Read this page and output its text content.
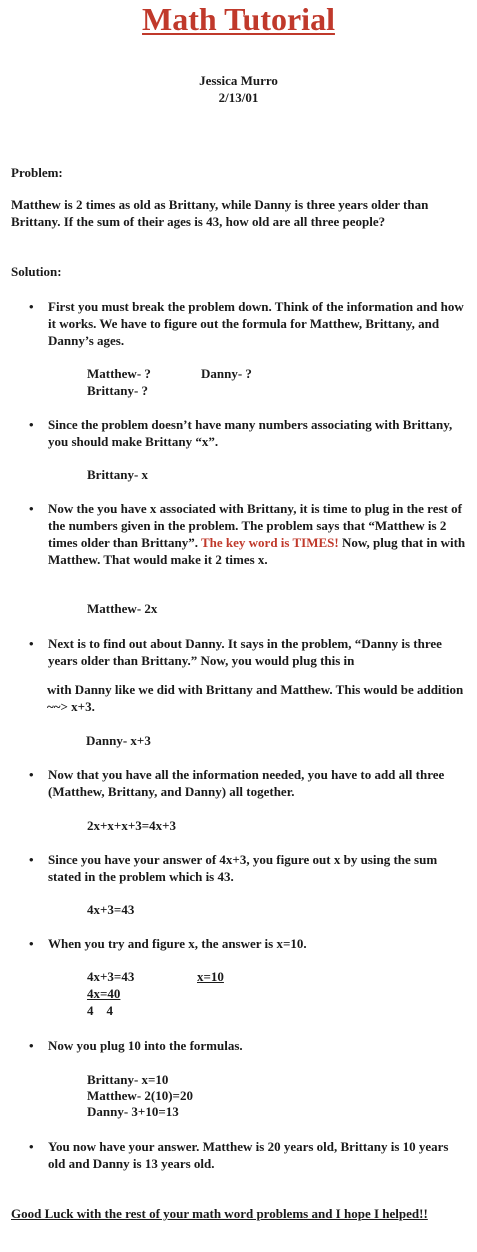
Math Tutorial
Jessica Murro
2/13/01
Problem:
Matthew is 2 times as old as Brittany, while Danny is three years older than Brittany. If the sum of their ages is 43, how old are all three people?
Solution:
• First you must break the problem down. Think of the information and how it works. We have to figure out the formula for Matthew, Brittany, and Danny’s ages.
Matthew- ?	Danny- ?
Brittany- ?
• Since the problem doesn’t have many numbers associating with Brittany, you should make Brittany “x”.
Brittany- x
• Now the you have x associated with Brittany, it is time to plug in the rest of the numbers given in the problem. The problem says that “Matthew is 2 times older than Brittany”. The key word is TIMES! Now, plug that in with Matthew. That would make it 2 times x.
Matthew- 2x
• Next is to find out about Danny. It says in the problem, “Danny is three years older than Brittany.” Now, you would plug this in
with Danny like we did with Brittany and Matthew. This would be addition ~~> x+3.
Danny- x+3
• Now that you have all the information needed, you have to add all three (Matthew, Brittany, and Danny) all together.
2x+x+x+3=4x+3
• Since you have your answer of 4x+3, you figure out x by using the sum stated in the problem which is 43.
4x+3=43
• When you try and figure x, the answer is x=10.
4x+3=43	x=10
4x=40
4    4
• Now you plug 10 into the formulas.
Brittany- x=10
Matthew- 2(10)=20
Danny- 3+10=13
• You now have your answer. Matthew is 20 years old, Brittany is 10 years old and Danny is 13 years old.
Good Luck with the rest of your math word problems and I hope I helped!!
